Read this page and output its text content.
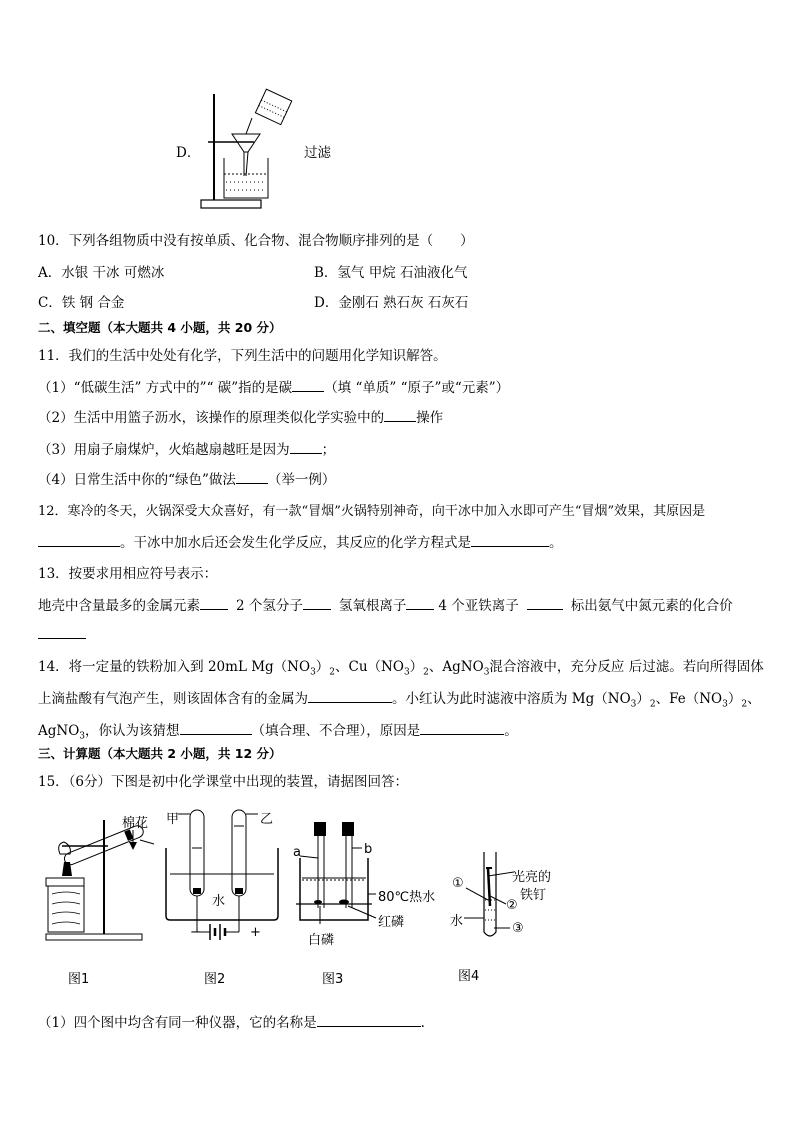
D．	过滤
10．下列各组物质中没有按单质、化合物、混合物顺序排列的是（　　）
A．水银 干冰 可燃冰	B．氢气 甲烷 石油液化气
C．铁 钢 合金	D．金刚石 熟石灰 石灰石
二、填空题（本大题共 4 小题，共 20 分）
11．我们的生活中处处有化学，下列生活中的问题用化学知识解答。
（1）“低碳生活” 方式中的”“ 碳”指的是碳 （填 “单质” “原子”或“元素”）
（2）生活中用篮子沥水，该操作的原理类似化学实验中的 操作
（3）用扇子扇煤炉，火焰越扇越旺是因为 ；
（4）日常生活中你的“绿色”做法 （举一例）
12．寒冷的冬天，火锅深受大众喜好，有一款“冒烟”火锅特别神奇，向干冰中加入水即可产生“冒烟”效果，其原因是
。干冰中加水后还会发生化学反应，其反应的化学方程式是	。
13．按要求用相应符号表示：
地壳中含量最多的金属元素	2 个氢分子	氢氧根离子 4 个亚铁离子	标出氨气中氮元素的化合价
14．将一定量的铁粉加入到 20mL $Mg(NO_3)_2$、$Cu(NO_3)_2$、AgNO$_3$混合溶液中，充分反应 后过滤。若向所得固体
上滴盐酸有气泡产生，则该固体含有的金属为	。小红认为此时滤液中溶质为 $Mg(NO_3)_2$、$Fe(NO_3)_2$、
AgNO$_3$，你认为该猜想	（填合理、不合理），原因是	。
三、计算题（本大题共 2 小题，共 12 分）
15．（6分）下图是初中化学课堂中出现的装置，请据图回答：
棉花
图1
甲	乙
水
−	+
图2
a	b
80℃热水
红磷
白磷
图3
①
②
③
光亮的
铁钉
水
图4
（1）四个图中均含有同一种仪器，它的名称是	.
